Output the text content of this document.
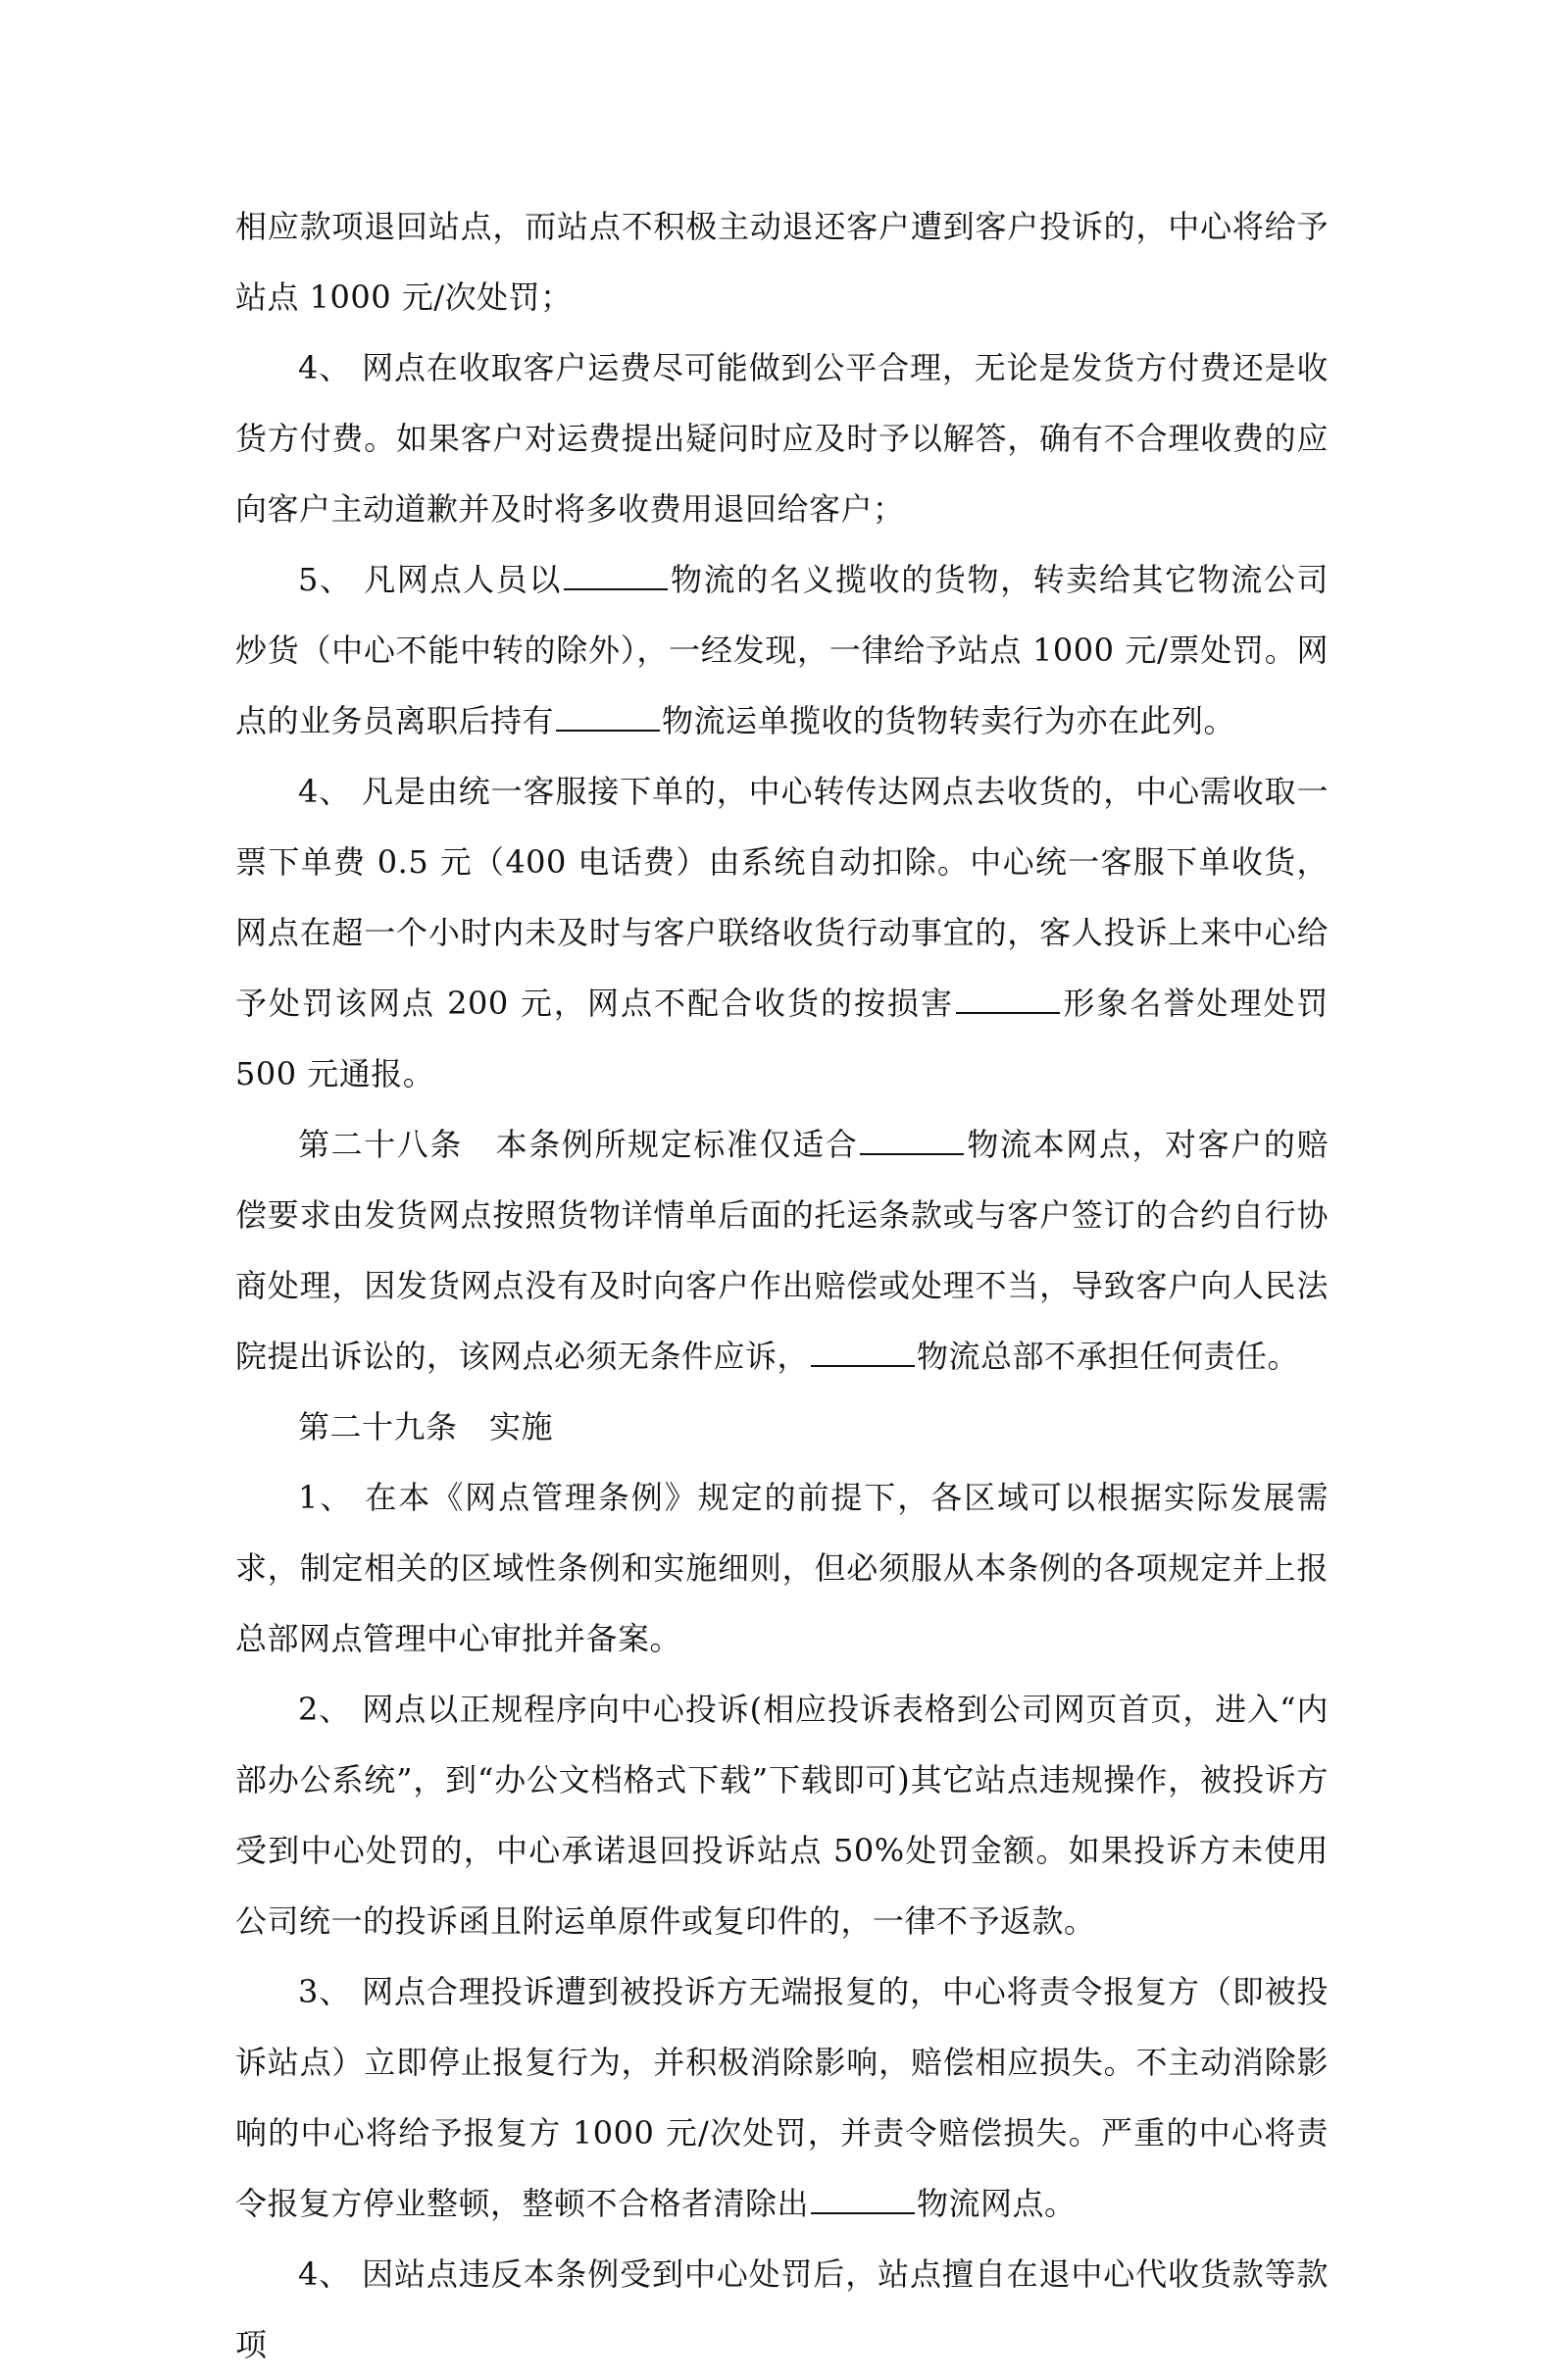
相应款项退回站点，而站点不积极主动退还客户遭到客户投诉的，中心将给予站点 1000 元/次处罚；

4、 网点在收取客户运费尽可能做到公平合理，无论是发货方付费还是收货方付费。如果客户对运费提出疑问时应及时予以解答，确有不合理收费的应向客户主动道歉并及时将多收费用退回给客户；

5、 凡网点人员以	物流的名义揽收的货物，转卖给其它物流公司炒货（中心不能中转的除外），一经发现，一律给予站点 1000 元/票处罚。网点的业务员离职后持有	物流运单揽收的货物转卖行为亦在此列。

4、 凡是由统一客服接下单的，中心转传达网点去收货的，中心需收取一票下单费 0.5 元（400 电话费）由系统自动扣除。中心统一客服下单收货，网点在超一个小时内未及时与客户联络收货行动事宜的，客人投诉上来中心给予处罚该网点 200 元，网点不配合收货的按损害	形象名誉处理处罚 500 元通报。

第二十八条　本条例所规定标准仅适合	物流本网点，对客户的赔偿要求由发货网点按照货物详情单后面的托运条款或与客户签订的合约自行协商处理，因发货网点没有及时向客户作出赔偿或处理不当，导致客户向人民法院提出诉讼的，该网点必须无条件应诉，	物流总部不承担任何责任。

第二十九条　实施

1、 在本《网点管理条例》规定的前提下，各区域可以根据实际发展需求，制定相关的区域性条例和实施细则，但必须服从本条例的各项规定并上报总部网点管理中心审批并备案。

2、 网点以正规程序向中心投诉(相应投诉表格到公司网页首页，进入“内部办公系统”，到“办公文档格式下载”下载即可)其它站点违规操作，被投诉方受到中心处罚的，中心承诺退回投诉站点 50%处罚金额。如果投诉方未使用公司统一的投诉函且附运单原件或复印件的，一律不予返款。

3、 网点合理投诉遭到被投诉方无端报复的，中心将责令报复方（即被投诉站点）立即停止报复行为，并积极消除影响，赔偿相应损失。不主动消除影响的中心将给予报复方 1000 元/次处罚，并责令赔偿损失。严重的中心将责令报复方停业整顿，整顿不合格者清除出	物流网点。

4、 因站点违反本条例受到中心处罚后，站点擅自在退中心代收货款等款项
